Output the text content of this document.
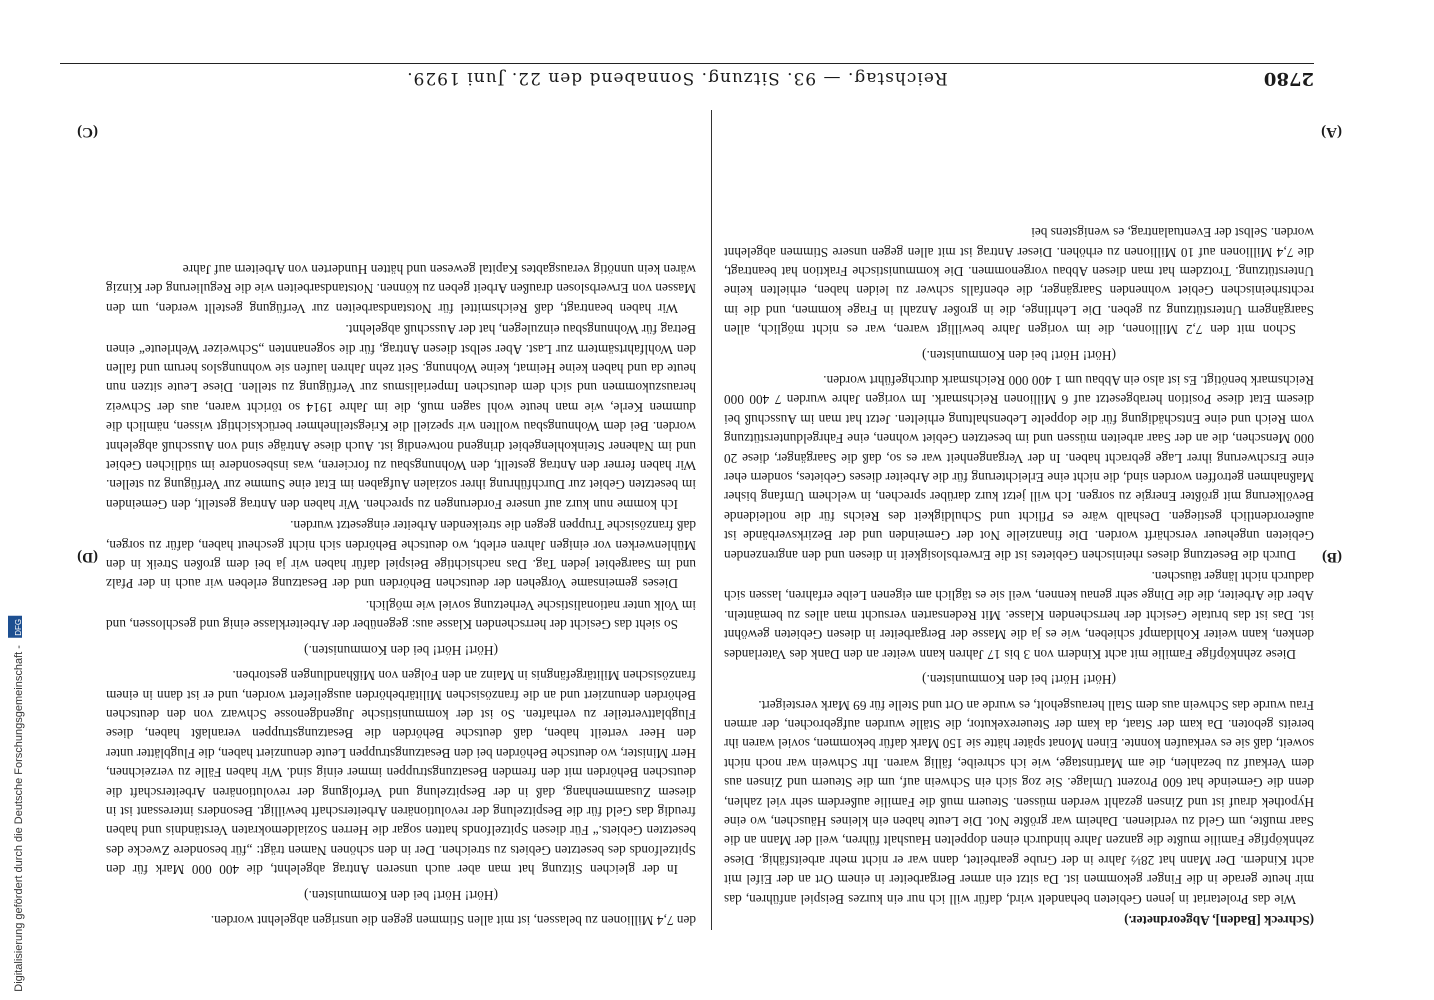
2780
Reichstag. — 93. Sitzung. Sonnabend den 22. Juni 1929.
(A)
(B)
(C)
(D)

(Schreck [Baden], Abgeordneter.)

Wie das Proletariat in jenen Gebieten behandelt wird, dafür will ich nur ein kurzes Beispiel anführen, das mir heute gerade in die Finger gekommen ist. Da sitzt ein armer Bergarbeiter in einem Ort an der Eifel mit acht Kindern. Der Mann hat 28½ Jahre in der Grube gearbeitet, dann war er nicht mehr arbeitsfähig. Diese zehnköpfige Familie mußte die ganzen Jahre hindurch einen doppelten Haushalt führen, weil der Mann an die Saar mußte, um Geld zu verdienen. Daheim war größte Not. Die Leute haben ein kleines Häuschen, wo eine Hypothek drauf ist und Zinsen gezahlt werden müssen. Steuern muß die Familie außerdem sehr viel zahlen, denn die Gemeinde hat 600 Prozent Umlage. Sie zog sich ein Schwein auf, um die Steuern und Zinsen aus dem Verkauf zu bezahlen, die am Martinstage, wie ich schreibe, fällig waren. Ihr Schwein war noch nicht soweit, daß sie es verkaufen konnte. Einen Monat später hätte sie 150 Mark dafür bekommen, soviel waren ihr bereits geboten. Da kam der Staat, da kam der Steuerexekutor, die Ställe wurden aufgebrochen, der armen Frau wurde das Schwein aus dem Stall herausgeholt, es wurde an Ort und Stelle für 69 Mark versteigert.

(Hört! Hört! bei den Kommunisten.)

Diese zehnköpfige Familie mit acht Kindern von 3 bis 17 Jahren kann weiter an den Dank des Vaterlandes denken, kann weiter Kohldampf schieben, wie es ja die Masse der Bergarbeiter in diesen Gebieten gewöhnt ist. Das ist das brutale Gesicht der herrschenden Klasse. Mit Redensarten versucht man alles zu bemänteln. Aber die Arbeiter, die die Dinge sehr genau kennen, weil sie es täglich am eigenen Leibe erfahren, lassen sich dadurch nicht länger täuschen.

Durch die Besetzung dieses rheinischen Gebietes ist die Erwerbslosigkeit in diesen und den angrenzenden Gebieten ungeheuer verschärft worden. Die finanzielle Not der Gemeinden und der Bezirksverbände ist außerordentlich gestiegen. Deshalb wäre es Pflicht und Schuldigkeit des Reichs für die notleidende Bevölkerung mit größter Energie zu sorgen. Ich will jetzt kurz darüber sprechen, in welchem Umfang bisher Maßnahmen getroffen worden sind, die nicht eine Erleichterung für die Arbeiter dieses Gebietes, sondern eher eine Erschwerung ihrer Lage gebracht haben. In der Vergangenheit war es so, daß die Saargänger, diese 20 000 Menschen, die an der Saar arbeiten müssen und im besetzten Gebiet wohnen, eine Fahrgeldunterstützung vom Reich und eine Entschädigung für die doppelte Lebenshaltung erhielten. Jetzt hat man im Ausschuß bei diesem Etat diese Position herabgesetzt auf 6 Millionen Reichsmark. Im vorigen Jahre wurden 7 400 000 Reichsmark benötigt. Es ist also ein Abbau um 1 400 000 Reichsmark durchgeführt worden.

(Hört! Hört! bei den Kommunisten.)

Schon mit den 7,2 Millionen, die im vorigen Jahre bewilligt waren, war es nicht möglich, allen Saargängern Unterstützung zu geben. Die Lehrlinge, die in großer Anzahl in Frage kommen, und die im rechtsrheinischen Gebiet wohnenden Saargänger, die ebenfalls schwer zu leiden haben, erhielten keine Unterstützung. Trotzdem hat man diesen Abbau vorgenommen. Die kommunistische Fraktion hat beantragt, die 7,4 Millionen auf 10 Millionen zu erhöhen. Dieser Antrag ist mit allen gegen unsere Stimmen abgelehnt worden. Selbst der Eventualantrag, es wenigstens bei

den 7,4 Millionen zu belassen, ist mit allen Stimmen gegen die unsrigen abgelehnt worden.

(Hört! Hört! bei den Kommunisten.)

In der gleichen Sitzung hat man aber auch unseren Antrag abgelehnt, die 400 000 Mark für den Spitzelfonds des besetzten Gebiets zu streichen. Der in den schönen Namen trägt: „für besondere Zwecke des besetzten Gebiets.“ Für diesen Spitzelfonds hatten sogar die Herren Sozialdemokraten Verständnis und haben freudig das Geld für die Bespitzelung der revolutionären Arbeiterschaft bewilligt. Besonders interessant ist in diesem Zusammenhang, daß in der Bespitzelung und Verfolgung der revolutionären Arbeiterschaft die deutschen Behörden mit den fremden Besatzungstruppen immer einig sind. Wir haben Fälle zu verzeichnen, Herr Minister, wo deutsche Behörden bei den Besatzungstruppen Leute denunziert haben, die Flugblätter unter den Heer verteilt haben, daß deutsche Behörden die Besatzungstruppen veranlaßt haben, diese Flugblattverteiler zu verhaften. So ist der kommunistische Jugendgenosse Schwarz von den deutschen Behörden denunziert und an die französischen Militärbehörden ausgeliefert worden, und er ist dann in einem französischen Militärgefängnis in Mainz an den Folgen von Mißhandlungen gestorben.

(Hört! Hört! bei den Kommunisten.)

So sieht das Gesicht der herrschenden Klasse aus: gegenüber der Arbeiterklasse einig und geschlossen, und im Volk unter nationalistische Verhetzung soviel wie möglich.

Dieses gemeinsame Vorgehen der deutschen Behörden und der Besatzung erleben wir auch in der Pfalz und im Saargebiet jeden Tag. Das nachsichtige Beispiel dafür haben wir ja bei dem großen Streik in den Mühlenwerken vor einigen Jahren erlebt, wo deutsche Behörden sich nicht gescheut haben, dafür zu sorgen, daß französische Truppen gegen die streikenden Arbeiter eingesetzt wurden.

Ich komme nun kurz auf unsere Forderungen zu sprechen. Wir haben den Antrag gestellt, den Gemeinden im besetzten Gebiet zur Durchführung ihrer sozialen Aufgaben im Etat eine Summe zur Verfügung zu stellen. Wir haben ferner den Antrag gestellt, den Wohnungsbau zu forcieren, was insbesondere im südlichen Gebiet und im Nahener Steinkohlengebiet dringend notwendig ist. Auch diese Anträge sind von Ausschuß abgelehnt worden. Bei dem Wohnungsbau wollten wir speziell die Kriegsteilnehmer berücksichtigt wissen, nämlich die dummen Kerle, wie man heute wohl sagen muß, die im Jahre 1914 so töricht waren, aus der Schweiz herauszukommen und sich dem deutschen Imperialismus zur Verfügung zu stellen. Diese Leute sitzen nun heute da und haben keine Heimat, keine Wohnung. Seit zehn Jahren laufen sie wohnungslos herum und fallen den Wohlfahrtsämtern zur Last. Aber selbst diesen Antrag, für die sogenannten „Schweizer Wehrleute“ einen Betrag für Wohnungsbau einzulegen, hat der Ausschuß abgelehnt.

Wir haben beantragt, daß Reichsmittel für Notstandsarbeiten zur Verfügung gestellt werden, um den Massen von Erwerbslosen draußen Arbeit geben zu können. Notstandsarbeiten wie die Regulierung der Kinzig wären kein unnötig verausgabtes Kapital gewesen und hätten Hunderten von Arbeitern auf Jahre

Digitalisierung gefördert durch die Deutsche Forschungsgemeinschaft - DFG
